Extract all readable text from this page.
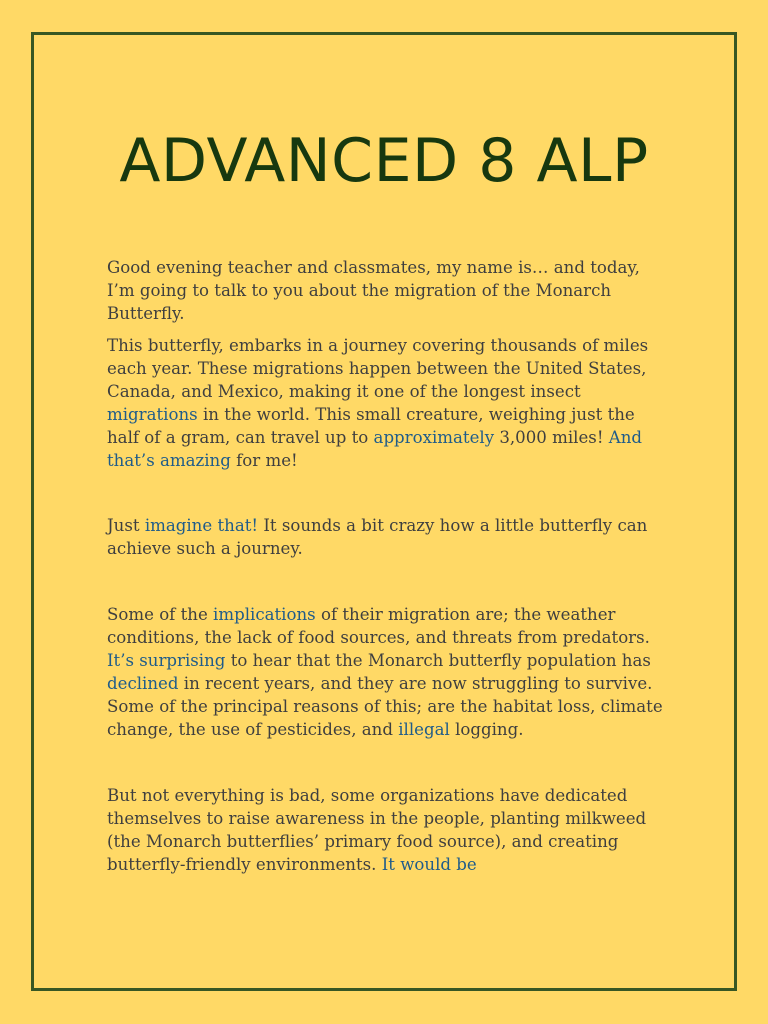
ADVANCED 8 ALP

Good evening teacher and classmates, my name is… and today, I’m going to talk to you about the migration of the Monarch Butterfly.

This butterfly, embarks in a journey covering thousands of miles each year. These migrations happen between the United States, Canada, and Mexico, making it one of the longest insect migrations in the world. This small creature, weighing just the half of a gram, can travel up to approximately 3,000 miles! And that’s amazing for me!

Just imagine that! It sounds a bit crazy how a little butterfly can achieve such a journey.

Some of the implications of their migration are; the weather conditions, the lack of food sources, and threats from predators. It’s surprising to hear that the Monarch butterfly population has declined in recent years, and they are now struggling to survive. Some of the principal reasons of this; are the habitat loss, climate change, the use of pesticides, and illegal logging.

But not everything is bad, some organizations have dedicated themselves to raise awareness in the people, planting milkweed (the Monarch butterflies’ primary food source), and creating butterfly-friendly environments. It would be
